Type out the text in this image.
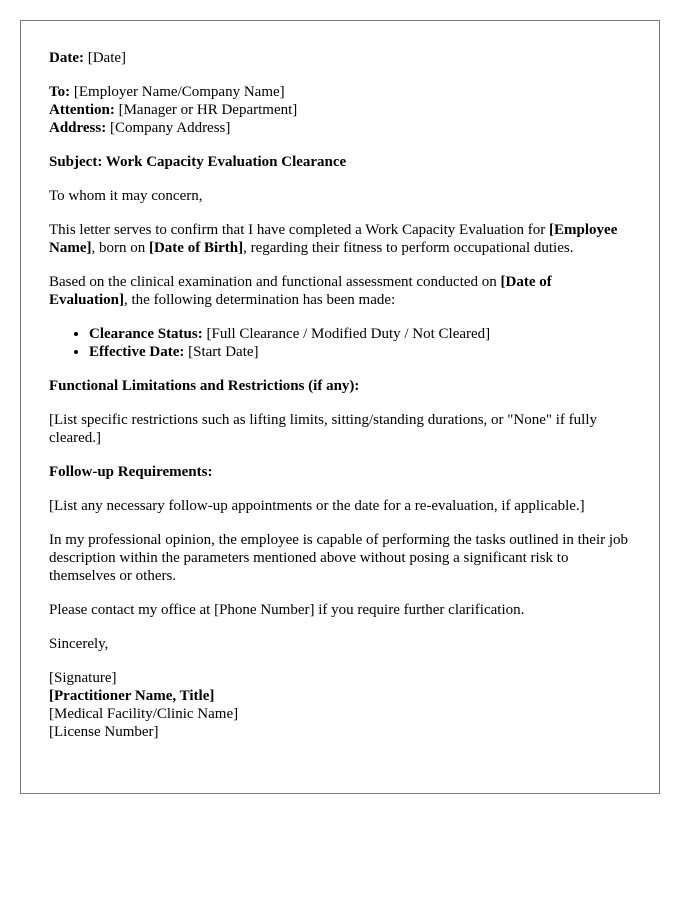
Date: [Date]

To: [Employer Name/Company Name]
Attention: [Manager or HR Department]
Address: [Company Address]

Subject: Work Capacity Evaluation Clearance

To whom it may concern,

This letter serves to confirm that I have completed a Work Capacity Evaluation for [Employee Name], born on [Date of Birth], regarding their fitness to perform occupational duties.

Based on the clinical examination and functional assessment conducted on [Date of Evaluation], the following determination has been made:

• Clearance Status: [Full Clearance / Modified Duty / Not Cleared]
• Effective Date: [Start Date]

Functional Limitations and Restrictions (if any):

[List specific restrictions such as lifting limits, sitting/standing durations, or "None" if fully cleared.]

Follow-up Requirements:

[List any necessary follow-up appointments or the date for a re-evaluation, if applicable.]

In my professional opinion, the employee is capable of performing the tasks outlined in their job description within the parameters mentioned above without posing a significant risk to themselves or others.

Please contact my office at [Phone Number] if you require further clarification.

Sincerely,

[Signature]
[Practitioner Name, Title]
[Medical Facility/Clinic Name]
[License Number]
